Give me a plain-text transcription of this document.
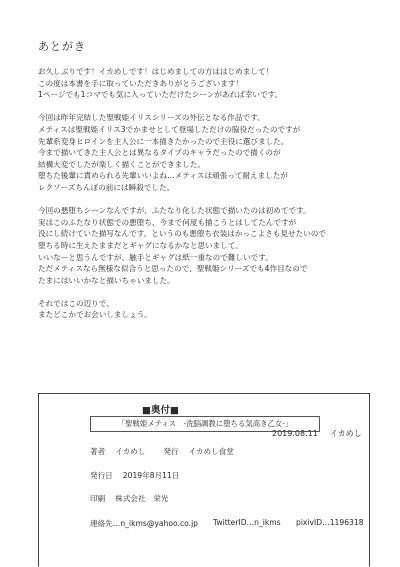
あとがき

お久しぶりです！イカめしです！はじめましての方ははじめまして！

この度は本書を手に取っていただきありがとうございます！

1ページでも1コマでも気に入っていただけたシーンがあれば幸いです。

今回は昨年完結した聖戦姫イリスシリーズの外伝となる作品です。

メティスは聖戦姫イリス3でかませとして登場しただけの脇役だったのですが

先輩系変身ヒロインを主人公に一本描きたかったので主役に選びました。

今まで描いてきた主人公とは異なるタイプのキャラだったので描くのが

結構大変でしたが楽しく描くことができました。

堕ちた後輩に責められる先輩いいよね…メティスは頑張って耐えましたが

レクソーズちんぽの前には瞬殺でした。

今回の悪堕ちシーンなんですが、ふたなり化した状態で描いたのは初めてです。

実はこのふたなり状態での悪堕ち、今まで何度も描こうとはしてたんですが

没にし続けていた描写なんです。というのも悪堕ち衣装はかっこよさも見せたいので

堕ちる時に生えたままだとギャグになるかなと思いまして。

いいなーと思うんですが、触手とギャグは紙一重なので難しいです。

ただメティスなら無様な似合うと思ったので、聖戦姫シリーズでも4作目なので

たまにはいいかなと描いちゃいました。

それではこの辺りで、

またどこかでお会いしましょう。

2019.08.11 イカめし
■奥付■
「聖戦姫メティス　-洗脳調教に堕ちる気高き乙女-」
著者 イカめし 発行 イカめし食堂
発行日 2019年8月11日
印刷 株式会社　栄光
連絡先…n_ikms@yahoo.co.jp TwitterID…n_ikms pixivID…1196318
